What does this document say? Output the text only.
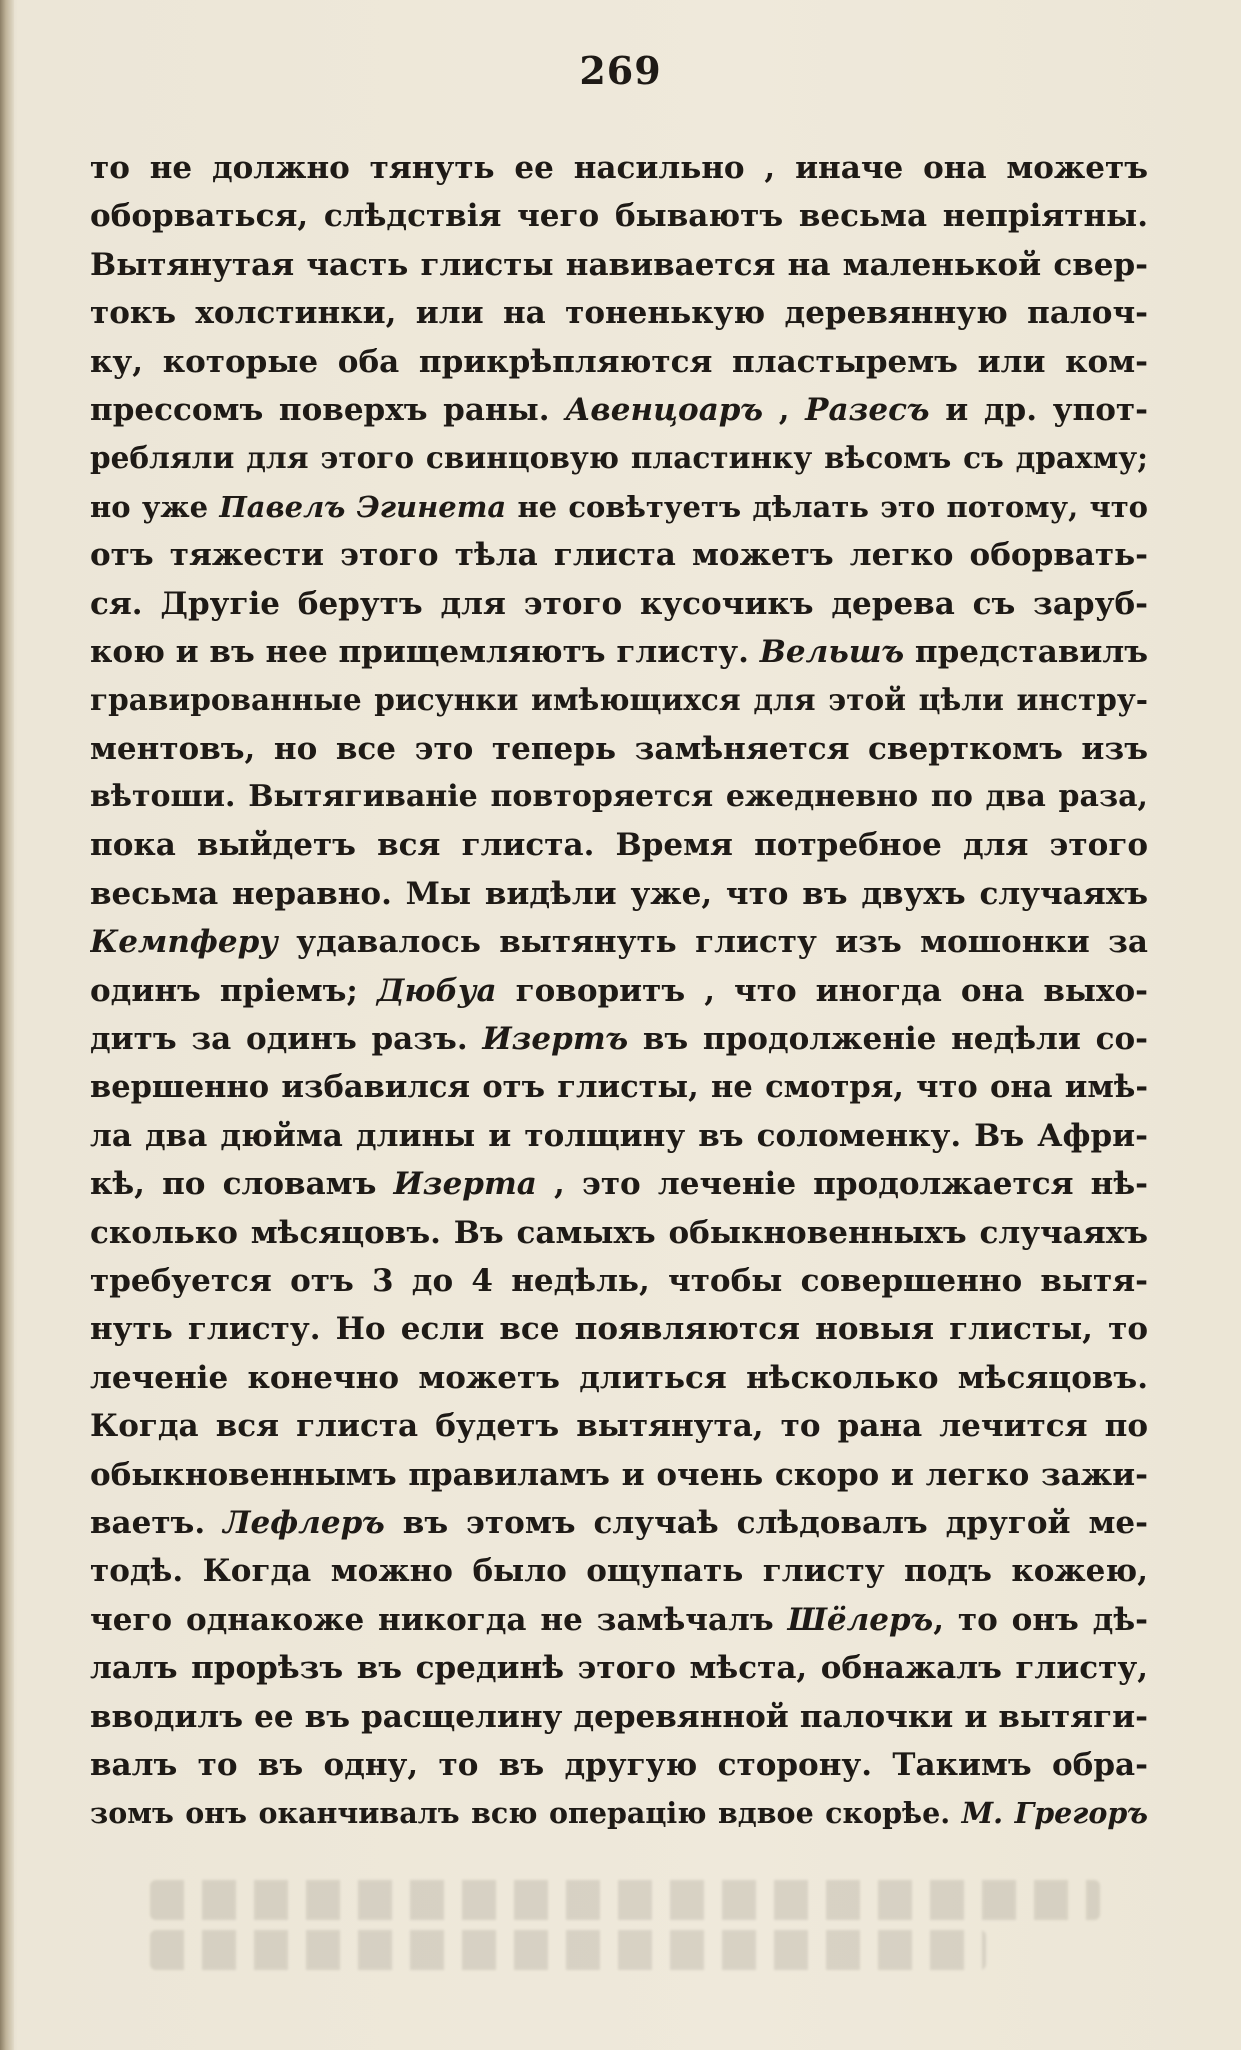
269
то не должно тянуть ее насильно , иначе она можетъ
оборваться, слѣдствія чего бываютъ весьма непріятны.
Вытянутая часть глисты навивается на маленькой свер-
токъ холстинки, или на тоненькую деревянную палоч-
ку, которые оба прикрѣпляются пластыремъ или ком-
прессомъ поверхъ раны. Авенцоаръ , Разесъ и др. упот-
ребляли для этого свинцовую пластинку вѣсомъ съ драхму;
но уже Павелъ Эгинета не совѣтуетъ дѣлать это потому, что
отъ тяжести этого тѣла глиста можетъ легко оборвать-
ся. Другіе берутъ для этого кусочикъ дерева съ заруб-
кою и въ нее прищемляютъ глисту. Вельшъ представилъ
гравированные рисунки имѣющихся для этой цѣли инстру-
ментовъ, но все это теперь замѣняется сверткомъ изъ
вѣтоши. Вытягиваніе повторяется ежедневно по два раза,
пока выйдетъ вся глиста. Время потребное для этого
весьма неравно. Мы видѣли уже, что въ двухъ случаяхъ
Кемпферу удавалось вытянуть глисту изъ мошонки за
одинъ пріемъ; Дюбуа говоритъ , что иногда она выхо-
дитъ за одинъ разъ. Изертъ въ продолженіе недѣли со-
вершенно избавился отъ глисты, не смотря, что она имѣ-
ла два дюйма длины и толщину въ соломенку. Въ Афри-
кѣ, по словамъ Изерта , это леченіе продолжается нѣ-
сколько мѣсяцовъ. Въ самыхъ обыкновенныхъ случаяхъ
требуется отъ 3 до 4 недѣль, чтобы совершенно вытя-
нуть глисту. Но если все появляются новыя глисты, то
леченіе конечно можетъ длиться нѣсколько мѣсяцовъ.
Когда вся глиста будетъ вытянута, то рана лечится по
обыкновеннымъ правиламъ и очень скоро и легко зажи-
ваетъ. Лефлеръ въ этомъ случаѣ слѣдовалъ другой ме-
тодѣ. Когда можно было ощупать глисту подъ кожею,
чего однакоже никогда не замѣчалъ Шёлеръ, то онъ дѣ-
лалъ прорѣзъ въ срединѣ этого мѣста, обнажалъ глисту,
вводилъ ее въ расщелину деревянной палочки и вытяги-
валъ то въ одну, то въ другую сторону. Такимъ обра-
зомъ онъ оканчивалъ всю операцію вдвое скорѣе. М. Грегоръ
